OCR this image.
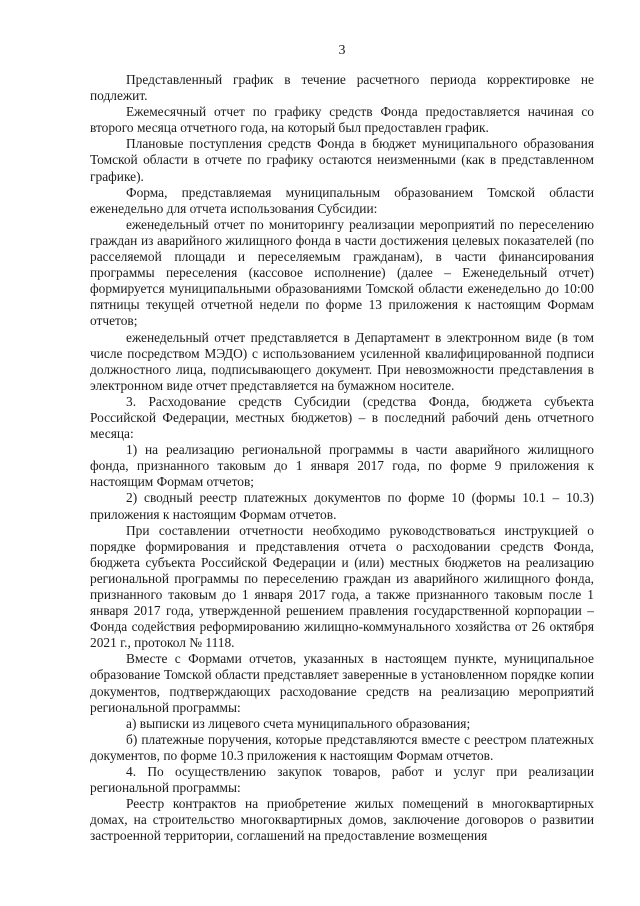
3

Представленный график в течение расчетного периода корректировке не подлежит.

Ежемесячный отчет по графику средств Фонда предоставляется начиная со второго месяца отчетного года, на который был предоставлен график.

Плановые поступления средств Фонда в бюджет муниципального образования Томской области в отчете по графику остаются неизменными (как в представленном графике).

Форма, представляемая муниципальным образованием Томской области еженедельно для отчета использования Субсидии:

еженедельный отчет по мониторингу реализации мероприятий по переселению граждан из аварийного жилищного фонда в части достижения целевых показателей (по расселяемой площади и переселяемым гражданам), в части финансирования программы переселения (кассовое исполнение) (далее – Еженедельный отчет) формируется муниципальными образованиями Томской области еженедельно до 10:00 пятницы текущей отчетной недели по форме 13 приложения к настоящим Формам отчетов;

еженедельный отчет представляется в Департамент в электронном виде (в том числе посредством МЭДО) с использованием усиленной квалифицированной подписи должностного лица, подписывающего документ. При невозможности представления в электронном виде отчет представляется на бумажном носителе.

3. Расходование средств Субсидии (средства Фонда, бюджета субъекта Российской Федерации, местных бюджетов) – в последний рабочий день отчетного месяца:

1) на реализацию региональной программы в части аварийного жилищного фонда, признанного таковым до 1 января 2017 года, по форме 9 приложения к настоящим Формам отчетов;

2) сводный реестр платежных документов по форме 10 (формы 10.1 – 10.3) приложения к настоящим Формам отчетов.

При составлении отчетности необходимо руководствоваться инструкцией о порядке формирования и представления отчета о расходовании средств Фонда, бюджета субъекта Российской Федерации и (или) местных бюджетов на реализацию региональной программы по переселению граждан из аварийного жилищного фонда, признанного таковым до 1 января 2017 года, а также признанного таковым после 1 января 2017 года, утвержденной решением правления государственной корпорации – Фонда содействия реформированию жилищно-коммунального хозяйства от 26 октября 2021 г., протокол № 1118.

Вместе с Формами отчетов, указанных в настоящем пункте, муниципальное образование Томской области представляет заверенные в установленном порядке копии документов, подтверждающих расходование средств на реализацию мероприятий региональной программы:

а) выписки из лицевого счета муниципального образования;

б) платежные поручения, которые представляются вместе с реестром платежных документов, по форме 10.3 приложения к настоящим Формам отчетов.

4. По осуществлению закупок товаров, работ и услуг при реализации региональной программы:

Реестр контрактов на приобретение жилых помещений в многоквартирных домах, на строительство многоквартирных домов, заключение договоров о развитии застроенной территории, соглашений на предоставление возмещения
